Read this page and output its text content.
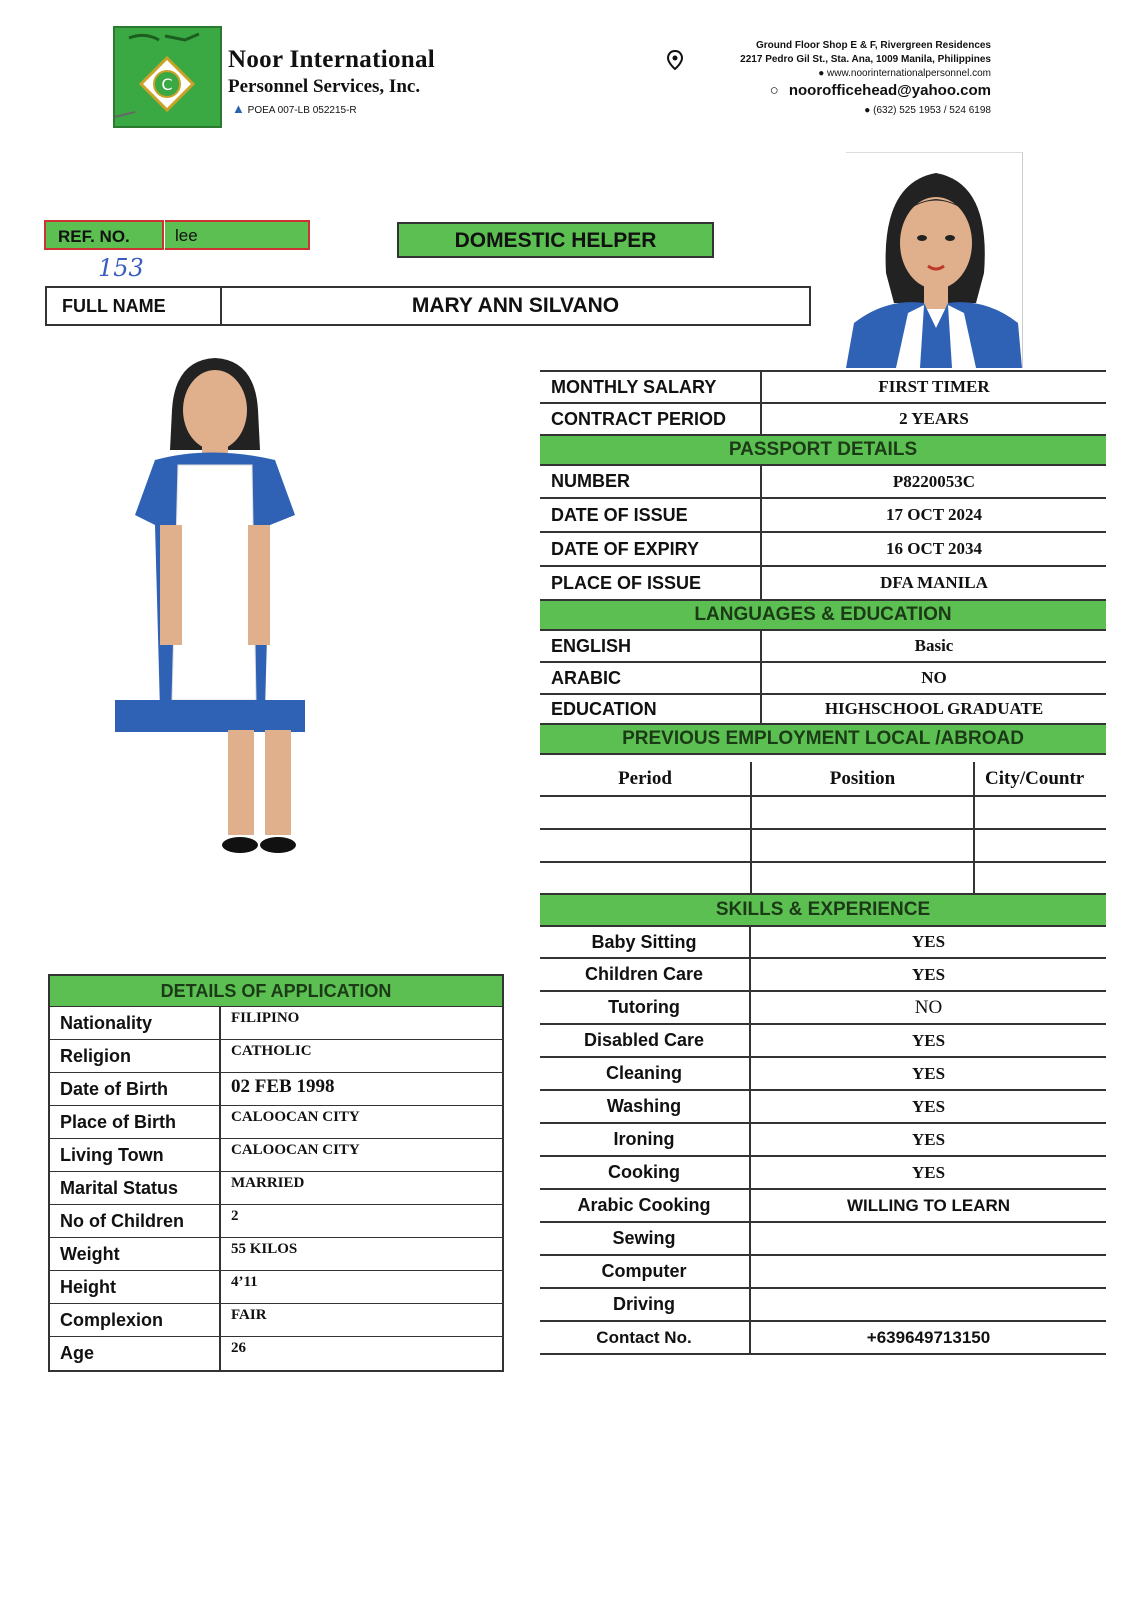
C
Noor International
Personnel Services, Inc.
▲ POEA 007-LB 052215-R
Ground Floor Shop E & F, Rivergreen Residences
2217 Pedro Gil St., Sta. Ana, 1009 Manila, Philippines
● www.noorinternationalpersonnel.com
○ noorofficehead@yahoo.com
● (632) 525 1953 / 524 6198
REF. NO.	lee
153
DOMESTIC HELPER
FULL NAME	MARY ANN SILVANO
MONTHLY SALARY	FIRST TIMER
CONTRACT PERIOD	2 YEARS
PASSPORT DETAILS	
NUMBER	P8220053C
DATE OF ISSUE	17 OCT 2024
DATE OF EXPIRY	16 OCT 2034
PLACE OF ISSUE	DFA MANILA
LANGUAGES & EDUCATION	
ENGLISH	Basic
ARABIC	NO
EDUCATION	HIGHSCHOOL GRADUATE
PREVIOUS EMPLOYMENT LOCAL /ABROAD	
Period	Position	City/Countr

SKILLS & EXPERIENCE	
Baby Sitting	YES
Children Care	YES
Tutoring	NO
Disabled Care	YES
Cleaning	YES
Washing	YES
Ironing	YES
Cooking	YES
Arabic Cooking	WILLING TO LEARN
Sewing	
Computer	
Driving	
Contact No.	+639649713150
DETAILS OF APPLICATION	
Nationality	FILIPINO
Religion	CATHOLIC
Date of Birth	02 FEB 1998
Place of Birth	CALOOCAN CITY
Living Town	CALOOCAN CITY
Marital Status	MARRIED
No of Children	2
Weight	55 KILOS
Height	4’11
Complexion	FAIR
Age	26
